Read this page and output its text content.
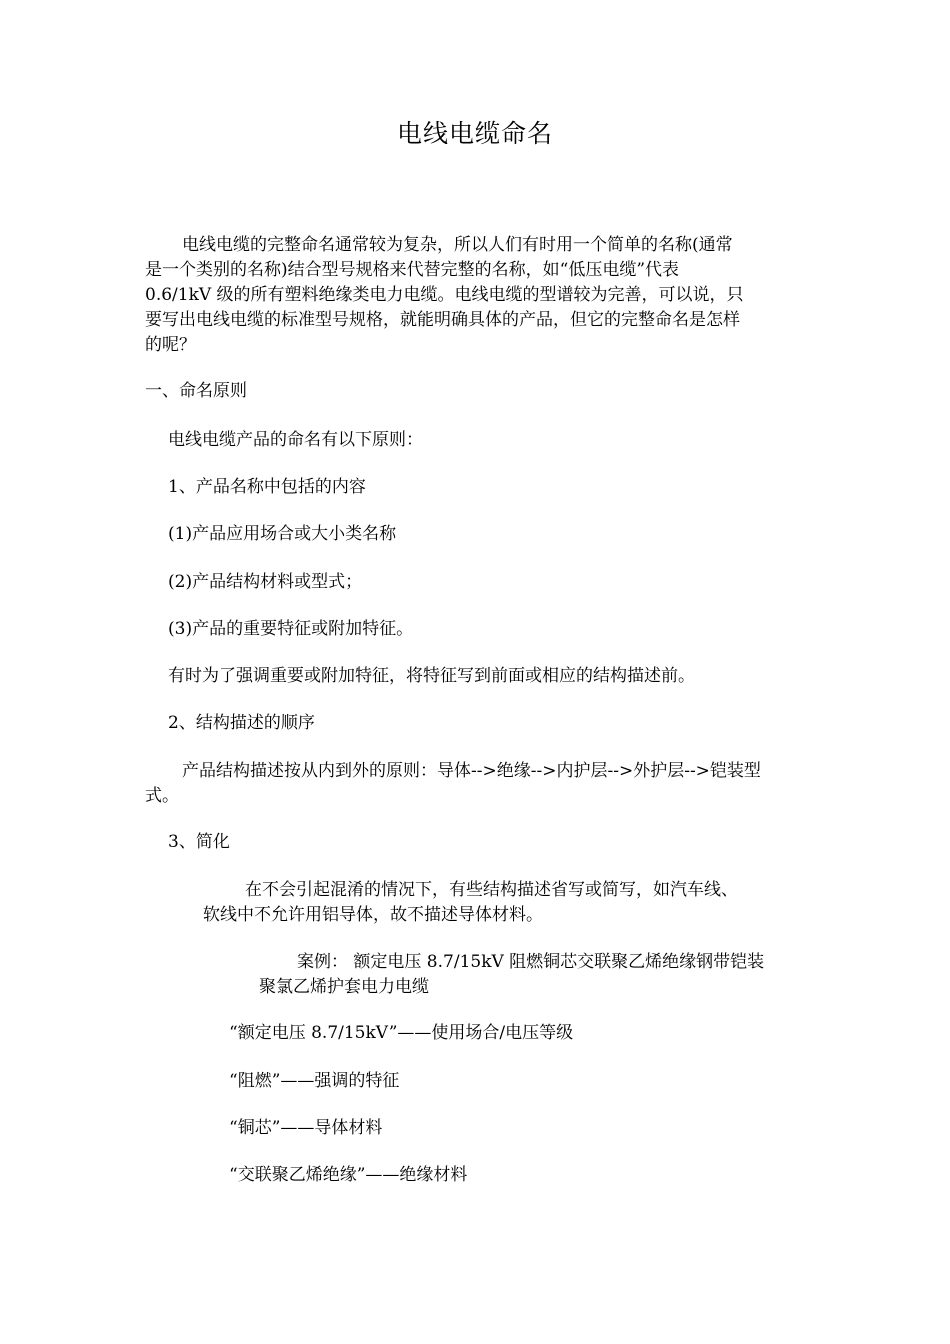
电线电缆命名
电线电缆的完整命名通常较为复杂，所以人们有时用一个简单的名称(通常
是一个类别的名称)结合型号规格来代替完整的名称，如“低压电缆”代表
0.6/1kV 级的所有塑料绝缘类电力电缆。电线电缆的型谱较为完善，可以说，只
要写出电线电缆的标准型号规格，就能明确具体的产品，但它的完整命名是怎样
的呢？
一、命名原则
电线电缆产品的命名有以下原则：
1、产品名称中包括的内容
(1)产品应用场合或大小类名称
(2)产品结构材料或型式；
(3)产品的重要特征或附加特征。
有时为了强调重要或附加特征，将特征写到前面或相应的结构描述前。
2、结构描述的顺序
产品结构描述按从内到外的原则：导体-->绝缘-->内护层-->外护层-->铠装型
式。
3、简化
在不会引起混淆的情况下，有些结构描述省写或简写，如汽车线、
软线中不允许用铝导体，故不描述导体材料。
案例： 额定电压 8.7/15kV 阻燃铜芯交联聚乙烯绝缘钢带铠装
聚氯乙烯护套电力电缆
“额定电压 8.7/15kV”——使用场合/电压等级
“阻燃”——强调的特征
“铜芯”——导体材料
“交联聚乙烯绝缘”——绝缘材料
